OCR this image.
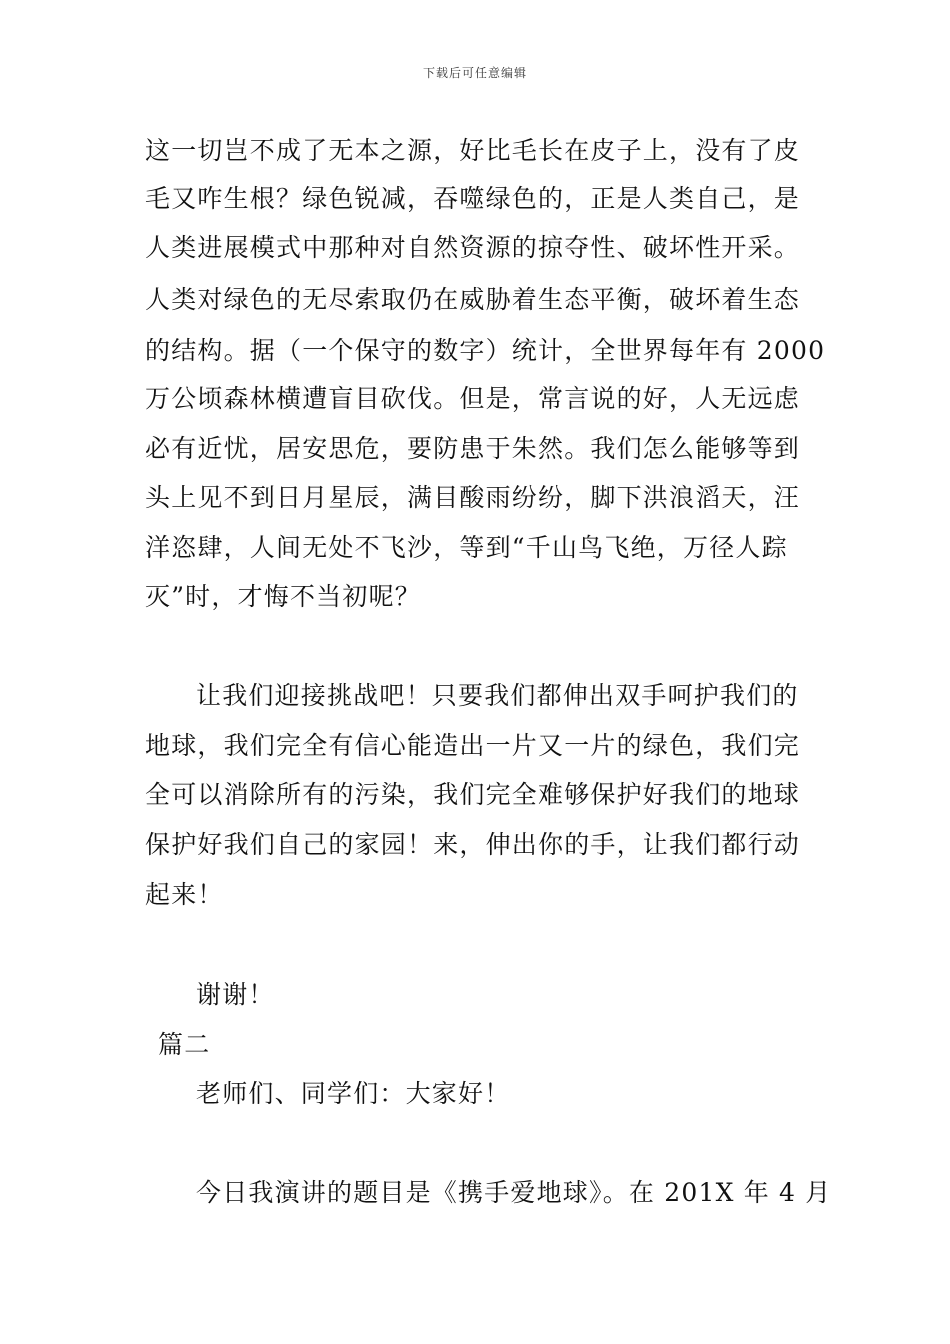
下载后可任意编辑
这一切岂不成了无本之源，好比毛长在皮子上，没有了皮
毛又咋生根？绿色锐减，吞噬绿色的，正是人类自己，是
人类进展模式中那种对自然资源的掠夺性、破坏性开采。
人类对绿色的无尽索取仍在威胁着生态平衡，破坏着生态
的结构。据（一个保守的数字）统计，全世界每年有 2000
万公顷森林横遭盲目砍伐。但是，常言说的好，人无远虑
必有近忧，居安思危，要防患于朱然。我们怎么能够等到
头上见不到日月星辰，满目酸雨纷纷，脚下洪浪滔天，汪
洋恣肆，人间无处不飞沙，等到“千山鸟飞绝，万径人踪
灭”时，才悔不当初呢？
让我们迎接挑战吧！只要我们都伸出双手呵护我们的
地球，我们完全有信心能造出一片又一片的绿色，我们完
全可以消除所有的污染，我们完全难够保护好我们的地球
保护好我们自己的家园！来，伸出你的手，让我们都行动
起来！
谢谢！
篇二
老师们、同学们：大家好！
今日我演讲的题目是《携手爱地球》。在 201X 年 4 月
